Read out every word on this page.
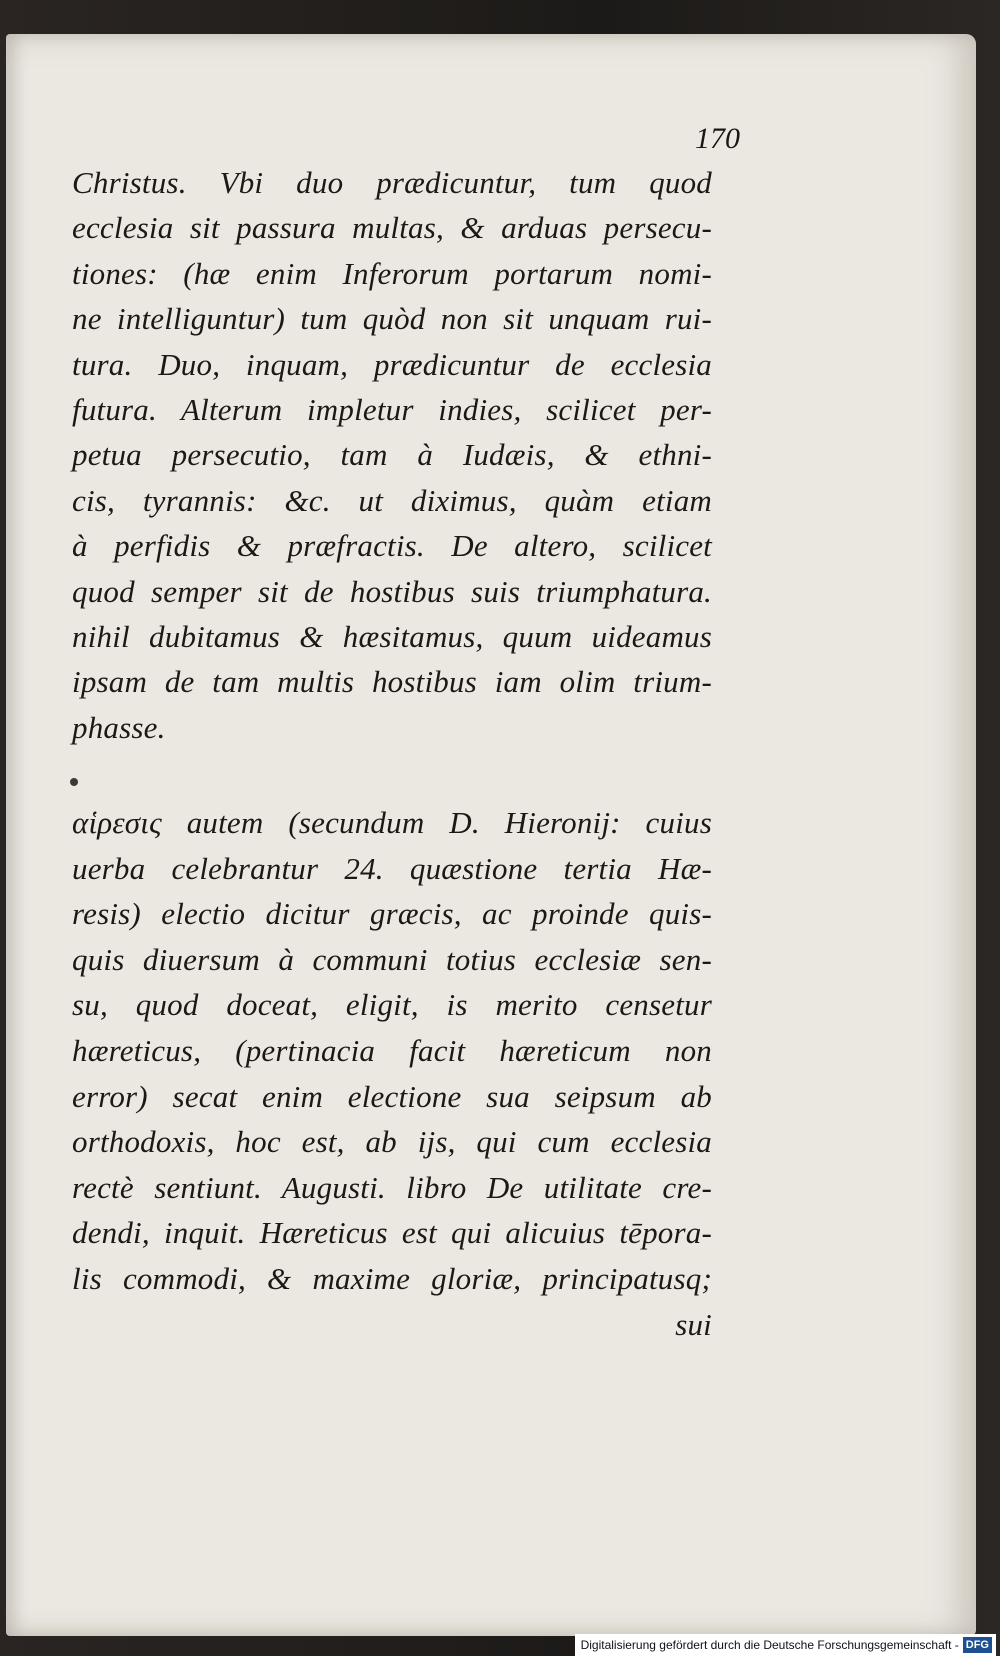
170
Christus. Vbi duo prædicuntur, tum quod
ecclesia sit passura multas, & arduas persecu-
tiones: (hæ enim Inferorum portarum nomi-
ne intelliguntur) tum quòd non sit unquam rui-
tura. Duo, inquam, prædicuntur de ecclesia
futura. Alterum impletur indies, scilicet per-
petua persecutio, tam à Iudæis, & ethni-
cis, tyrannis: &c. ut diximus, quàm etiam
à perfidis & præfractis. De altero, scilicet
quod semper sit de hostibus suis triumphatura.
nihil dubitamus & hæsitamus, quum uideamus
ipsam de tam multis hostibus iam olim trium-
phasse.
αἱρεσις autem (secundum D. Hieronij: cuius
uerba celebrantur 24. quæstione tertia Hæ-
resis) electio dicitur græcis, ac proinde quis-
quis diuersum à communi totius ecclesiæ sen-
su, quod doceat, eligit, is merito censetur
hæreticus, (pertinacia facit hæreticum non
error) secat enim electione sua seipsum ab
orthodoxis, hoc est, ab ijs, qui cum ecclesia
rectè sentiunt. Augusti. libro De utilitate cre-
dendi, inquit. Hæreticus est qui alicuius tēpora-
lis commodi, & maxime gloriæ, principatusq;
sui
Digitalisierung gefördert durch die Deutsche Forschungsgemeinschaft - DFG
